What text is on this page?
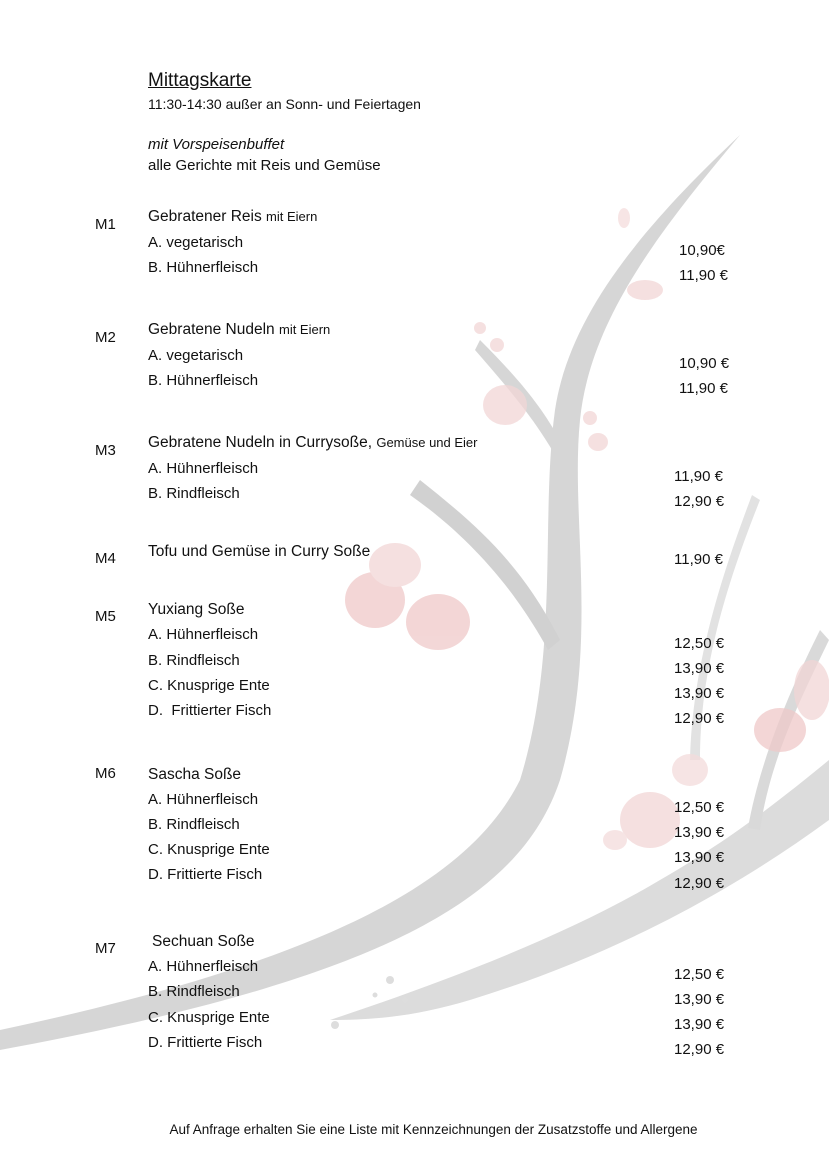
Mittagskarte
11:30-14:30 außer an Sonn- und Feiertagen
mit Vorspeisenbuffet
alle Gerichte mit Reis und Gemüse
M1 Gebratener Reis mit Eiern
A. vegetarisch
B. Hühnerfleisch
10,90€
11,90 €
M2 Gebratene Nudeln mit Eiern
A. vegetarisch
B. Hühnerfleisch
10,90 €
11,90 €
M3 Gebratene Nudeln in Currysoße, Gemüse und Eier
A. Hühnerfleisch
B. Rindfleisch
11,90 €
12,90 €
M4 Tofu und Gemüse in Curry Soße	11,90 €
M5 Yuxiang Soße
A. Hühnerfleisch
B. Rindfleisch
C. Knusprige Ente
D.  Frittierter Fisch
12,50 €
13,90 €
13,90 €
12,90 €
M6 Sascha Soße
A. Hühnerfleisch
B. Rindfleisch
C. Knusprige Ente
D. Frittierte Fisch
12,50 €
13,90 €
13,90 €
12,90 €
M7 Sechuan Soße
A. Hühnerfleisch
B. Rindfleisch
C. Knusprige Ente
D. Frittierte Fisch
12,50 €
13,90 €
13,90 €
12,90 €
Auf Anfrage erhalten Sie eine Liste mit Kennzeichnungen der Zusatzstoffe und Allergene
